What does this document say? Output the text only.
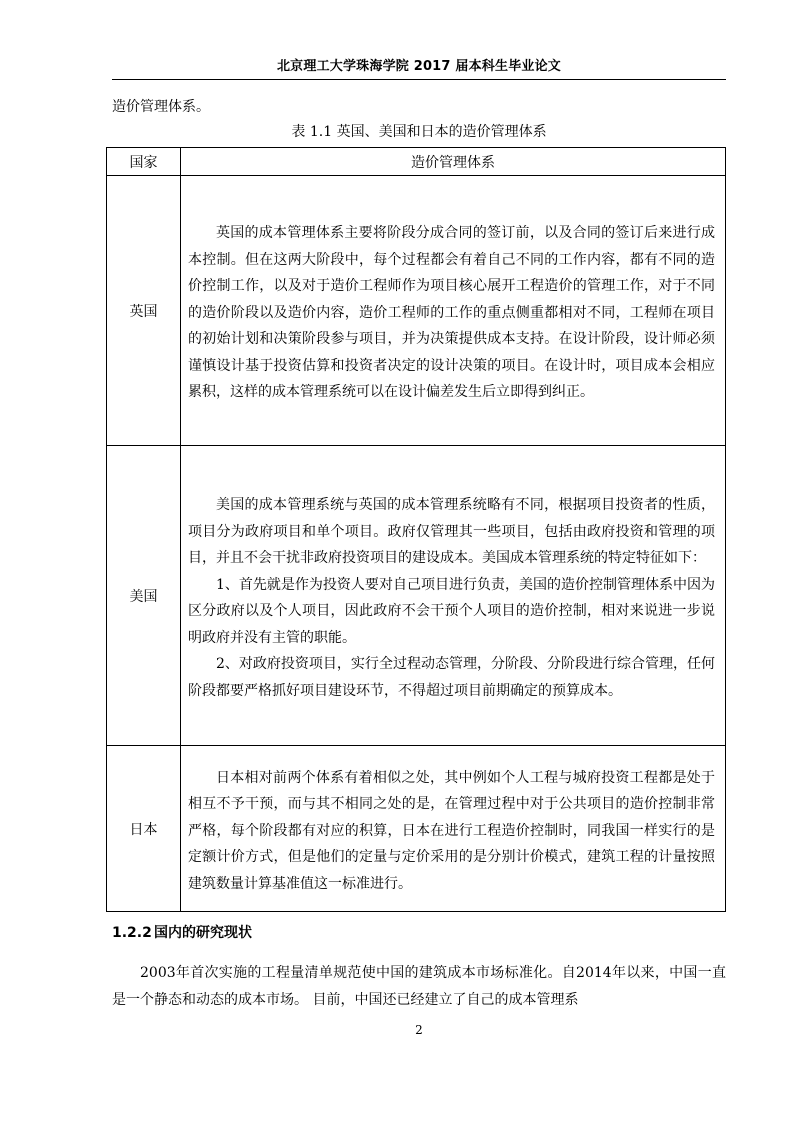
北京理工大学珠海学院 2017 届本科生毕业论文
造价管理体系。
表 1.1 英国、美国和日本的造价管理体系
国家	造价管理体系
英国	英国的成本管理体系主要将阶段分成合同的签订前，以及合同的签订后来进行成本控制。但在这两大阶段中，每个过程都会有着自己不同的工作内容，都有不同的造价控制工作，以及对于造价工程师作为项目核心展开工程造价的管理工作，对于不同的造价阶段以及造价内容，造价工程师的工作的重点侧重都相对不同，工程师在项目的初始计划和决策阶段参与项目，并为决策提供成本支持。在设计阶段，设计师必须谨慎设计基于投资估算和投资者决定的设计决策的项目。在设计时，项目成本会相应累积，这样的成本管理系统可以在设计偏差发生后立即得到纠正。

美国	美国的成本管理系统与英国的成本管理系统略有不同，根据项目投资者的性质，项目分为政府项目和单个项目。政府仅管理其一些项目，包括由政府投资和管理的项目，并且不会干扰非政府投资项目的建设成本。美国成本管理系统的特定特征如下：

1、首先就是作为投资人要对自己项目进行负责，美国的造价控制管理体系中因为区分政府以及个人项目，因此政府不会干预个人项目的造价控制，相对来说进一步说明政府并没有主管的职能。

2、对政府投资项目，实行全过程动态管理，分阶段、分阶段进行综合管理，任何阶段都要严格抓好项目建设环节，不得超过项目前期确定的预算成本。

日本	日本相对前两个体系有着相似之处，其中例如个人工程与城府投资工程都是处于相互不予干预，而与其不相同之处的是，在管理过程中对于公共项目的造价控制非常严格，每个阶段都有对应的积算，日本在进行工程造价控制时，同我国一样实行的是定额计价方式，但是他们的定量与定价采用的是分别计价模式，建筑工程的计量按照建筑数量计算基准值这一标准进行。

1.2.2 国内的研究现状

2003年首次实施的工程量清单规范使中国的建筑成本市场标准化。自2014年以来，中国一直是一个静态和动态的成本市场。 目前，中国还已经建立了自己的成本管理系

2
